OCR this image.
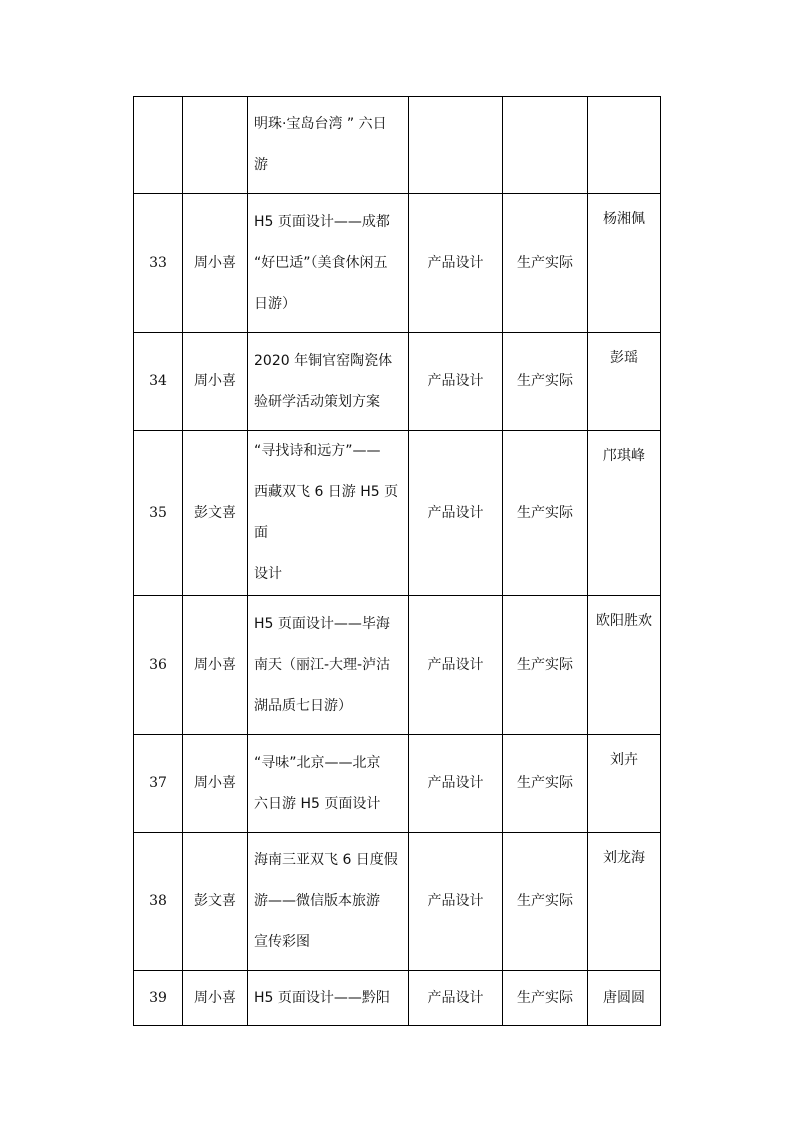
		明珠·宝岛台湾 ” 六日
游			

33	周小喜	H5 页面设计——成都
“好巴适”（美食休闲五
日游）	产品设计	生产实际	杨湘佩
34	周小喜	2020 年铜官窑陶瓷体
验研学活动策划方案	产品设计	生产实际	彭瑶
35	彭文喜	“寻找诗和远方”——
西藏双飞 6 日游 H5 页面
设计	产品设计	生产实际	邝琪峰
36	周小喜	H5 页面设计——毕海
南天（丽江-大理-泸沽
湖品质七日游）	产品设计	生产实际	欧阳胜欢
37	周小喜	“寻味”北京——北京
六日游 H5 页面设计	产品设计	生产实际	刘卉
38	彭文喜	海南三亚双飞 6 日度假
游——微信版本旅游
宣传彩图	产品设计	生产实际	刘龙海
39	周小喜	H5 页面设计——黔阳	产品设计	生产实际	唐圆圆
